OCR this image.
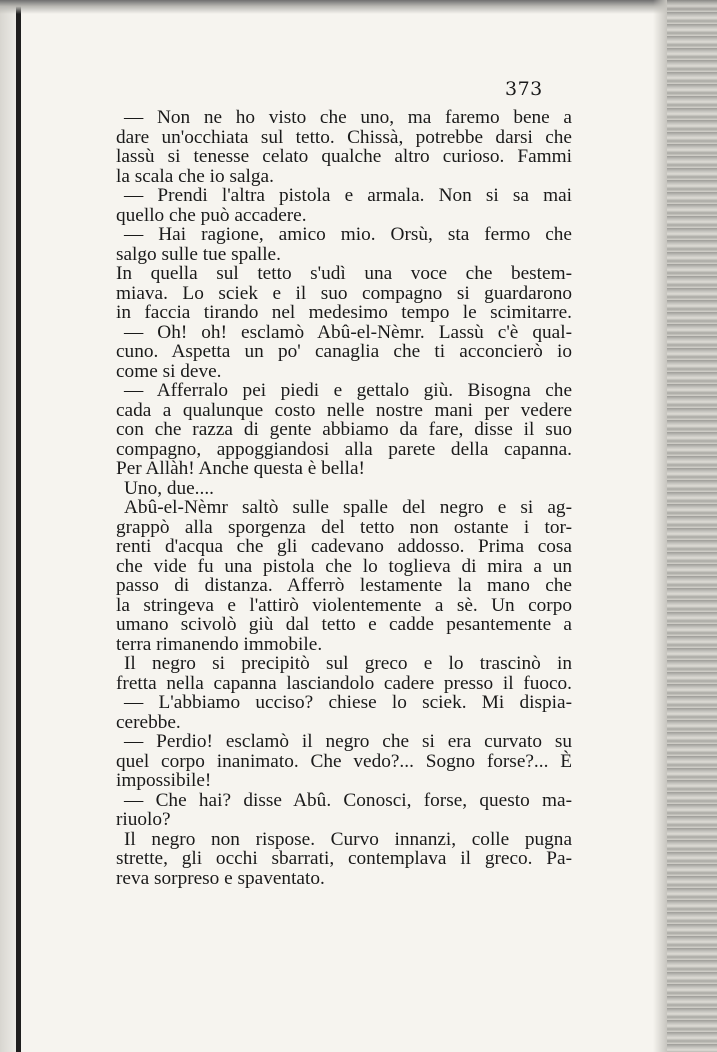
373
— Non ne ho visto che uno, ma faremo bene a
dare un'occhiata sul tetto. Chissà, potrebbe darsi che
lassù si tenesse celato qualche altro curioso. Fammi
la scala che io salga.
— Prendi l'altra pistola e armala. Non si sa mai
quello che può accadere.
— Hai ragione, amico mio. Orsù, sta fermo che
salgo sulle tue spalle.
In quella sul tetto s'udì una voce che bestem-
miava. Lo sciek e il suo compagno si guardarono
in faccia tirando nel medesimo tempo le scimitarre.
— Oh! oh! esclamò Abû-el-Nèmr. Lassù c'è qual-
cuno. Aspetta un po' canaglia che ti acconcierò io
come si deve.
— Afferralo pei piedi e gettalo giù. Bisogna che
cada a qualunque costo nelle nostre mani per vedere
con che razza di gente abbiamo da fare, disse il suo
compagno, appoggiandosi alla parete della capanna.
Per Allàh! Anche questa è bella!
Uno, due....
Abû-el-Nèmr saltò sulle spalle del negro e si ag-
grappò alla sporgenza del tetto non ostante i tor-
renti d'acqua che gli cadevano addosso. Prima cosa
che vide fu una pistola che lo toglieva di mira a un
passo di distanza. Afferrò lestamente la mano che
la stringeva e l'attirò violentemente a sè. Un corpo
umano scivolò giù dal tetto e cadde pesantemente a
terra rimanendo immobile.
Il negro si precipitò sul greco e lo trascinò in
fretta nella capanna lasciandolo cadere presso il fuoco.
— L'abbiamo ucciso? chiese lo sciek. Mi dispia-
cerebbe.
— Perdio! esclamò il negro che si era curvato su
quel corpo inanimato. Che vedo?... Sogno forse?... È
impossibile!
— Che hai? disse Abû. Conosci, forse, questo ma-
riuolo?
Il negro non rispose. Curvo innanzi, colle pugna
strette, gli occhi sbarrati, contemplava il greco. Pa-
reva sorpreso e spaventato.
